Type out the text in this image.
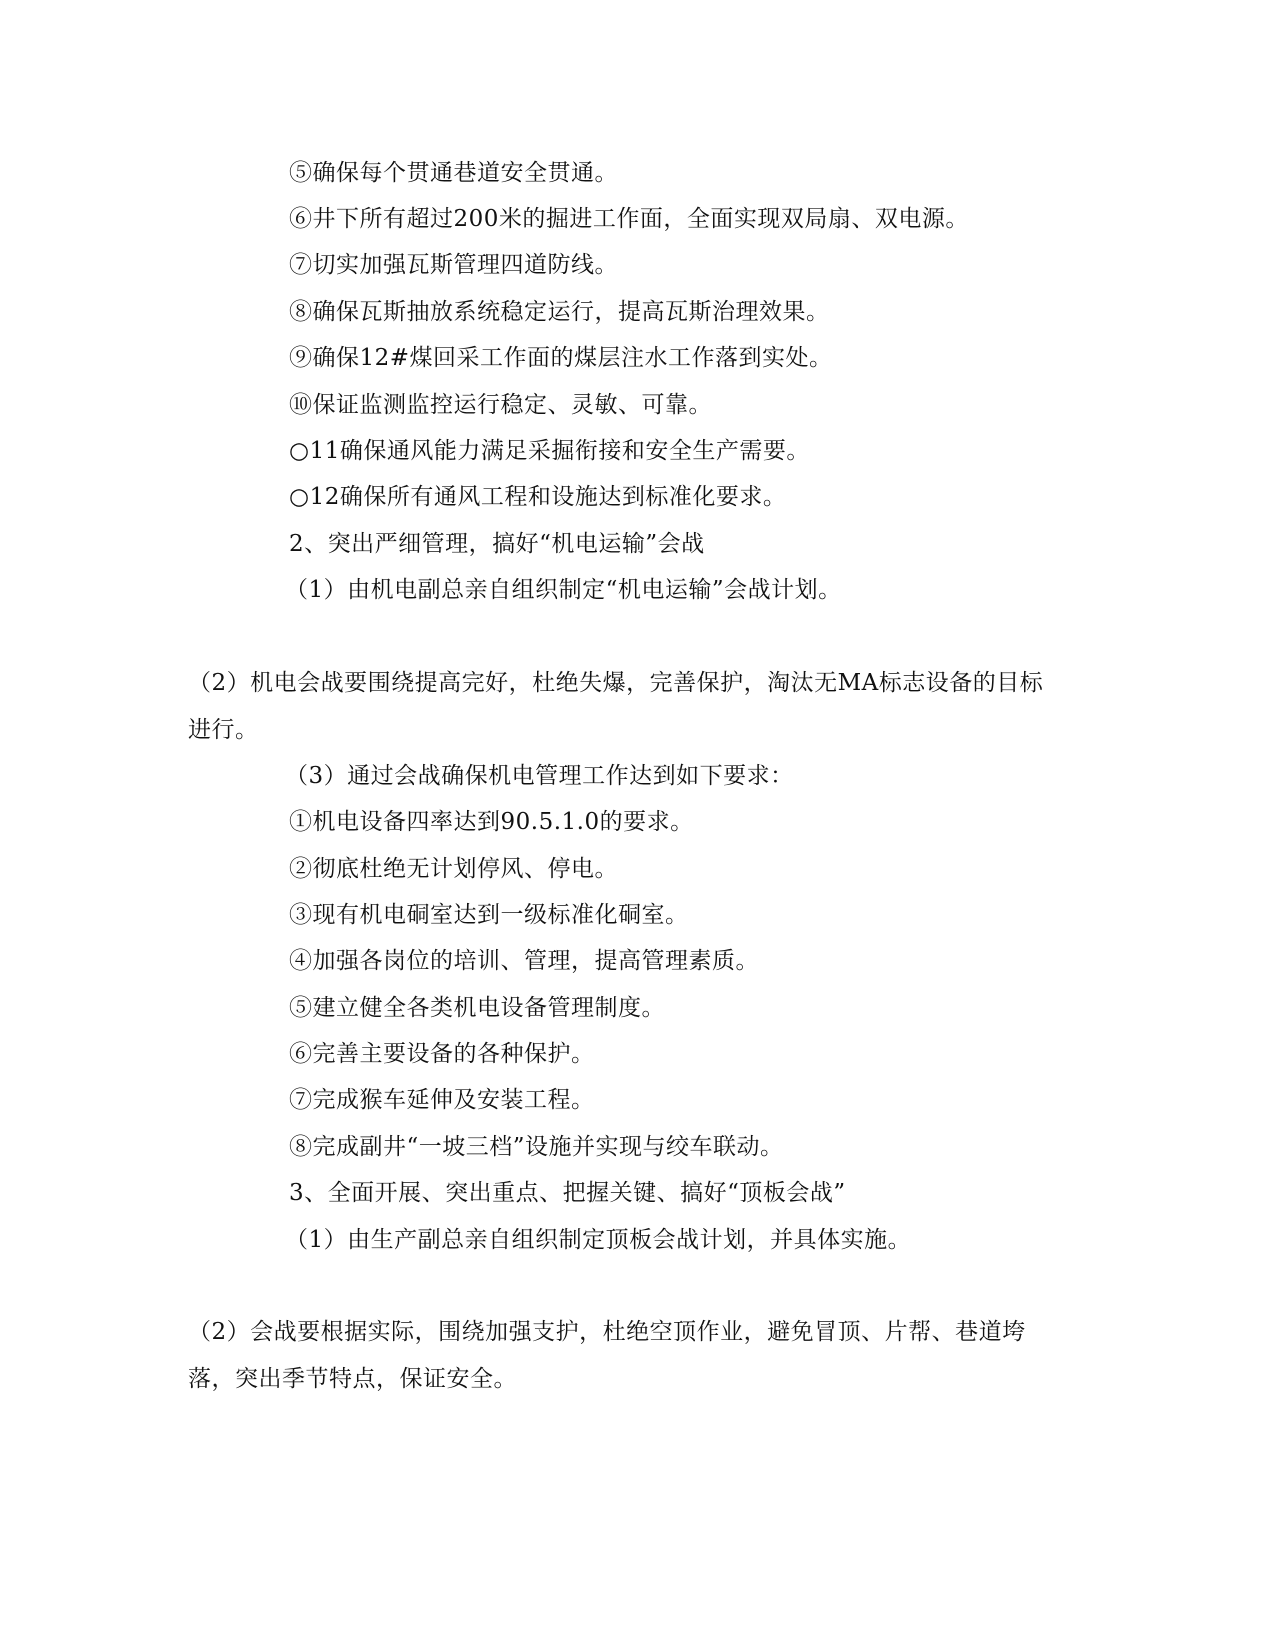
⑤确保每个贯通巷道安全贯通。
⑥井下所有超过200米的掘进工作面，全面实现双局扇、双电源。
⑦切实加强瓦斯管理四道防线。
⑧确保瓦斯抽放系统稳定运行，提高瓦斯治理效果。
⑨确保12#煤回采工作面的煤层注水工作落到实处。
⑩保证监测监控运行稳定、灵敏、可靠。
○11确保通风能力满足采掘衔接和安全生产需要。
○12确保所有通风工程和设施达到标准化要求。
2、突出严细管理，搞好“机电运输”会战
（1）由机电副总亲自组织制定“机电运输”会战计划。
（2）机电会战要围绕提高完好，杜绝失爆，完善保护，淘汰无MA标志设备的目标
进行。
（3）通过会战确保机电管理工作达到如下要求：
①机电设备四率达到90.5.1.0的要求。
②彻底杜绝无计划停风、停电。
③现有机电硐室达到一级标准化硐室。
④加强各岗位的培训、管理，提高管理素质。
⑤建立健全各类机电设备管理制度。
⑥完善主要设备的各种保护。
⑦完成猴车延伸及安装工程。
⑧完成副井“一坡三档”设施并实现与绞车联动。
3、全面开展、突出重点、把握关键、搞好“顶板会战”
（1）由生产副总亲自组织制定顶板会战计划，并具体实施。
（2）会战要根据实际，围绕加强支护，杜绝空顶作业，避免冒顶、片帮、巷道垮
落，突出季节特点，保证安全。
